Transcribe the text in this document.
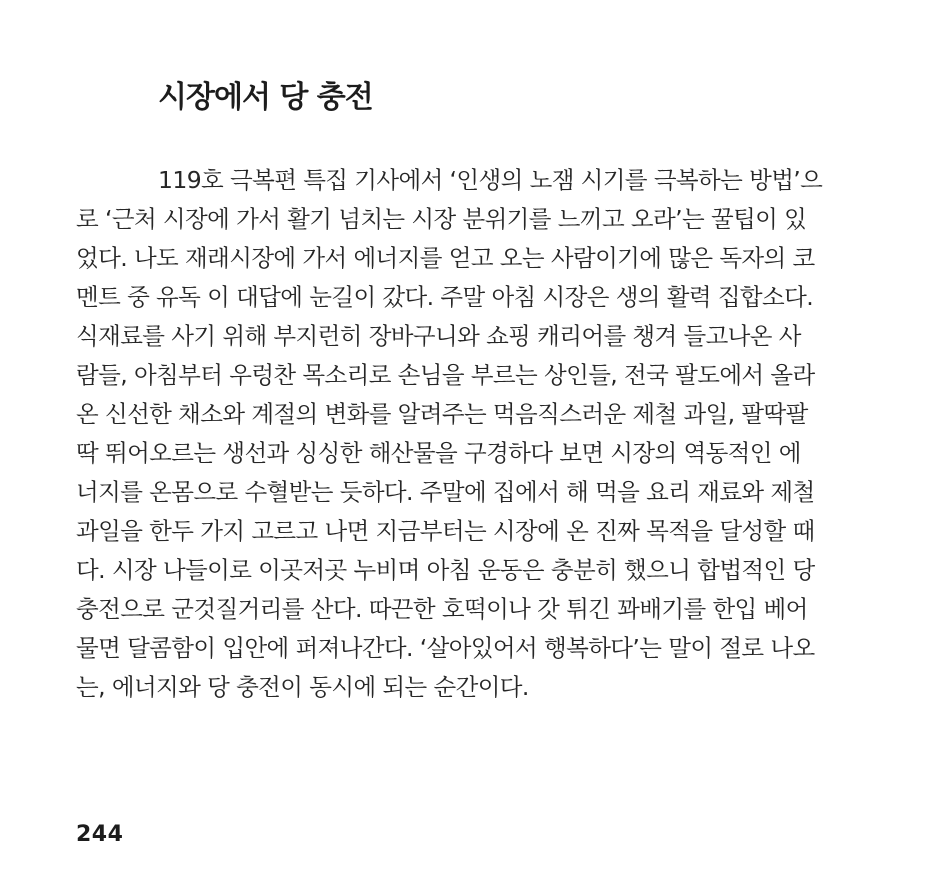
시장에서 당 충전
119호 극복편 특집 기사에서 ‘인생의 노잼 시기를 극복하는 방법’으
로 ‘근처 시장에 가서 활기 넘치는 시장 분위기를 느끼고 오라’는 꿀팁이 있
었다. 나도 재래시장에 가서 에너지를 얻고 오는 사람이기에 많은 독자의 코
멘트 중 유독 이 대답에 눈길이 갔다. 주말 아침 시장은 생의 활력 집합소다.
식재료를 사기 위해 부지런히 장바구니와 쇼핑 캐리어를 챙겨 들고나온 사
람들, 아침부터 우렁찬 목소리로 손님을 부르는 상인들, 전국 팔도에서 올라
온 신선한 채소와 계절의 변화를 알려주는 먹음직스러운 제철 과일, 팔딱팔
딱 뛰어오르는 생선과 싱싱한 해산물을 구경하다 보면 시장의 역동적인 에
너지를 온몸으로 수혈받는 듯하다. 주말에 집에서 해 먹을 요리 재료와 제철
과일을 한두 가지 고르고 나면 지금부터는 시장에 온 진짜 목적을 달성할 때
다. 시장 나들이로 이곳저곳 누비며 아침 운동은 충분히 했으니 합법적인 당
충전으로 군것질거리를 산다. 따끈한 호떡이나 갓 튀긴 꽈배기를 한입 베어
물면 달콤함이 입안에 퍼져나간다. ‘살아있어서 행복하다’는 말이 절로 나오
는, 에너지와 당 충전이 동시에 되는 순간이다.
244
